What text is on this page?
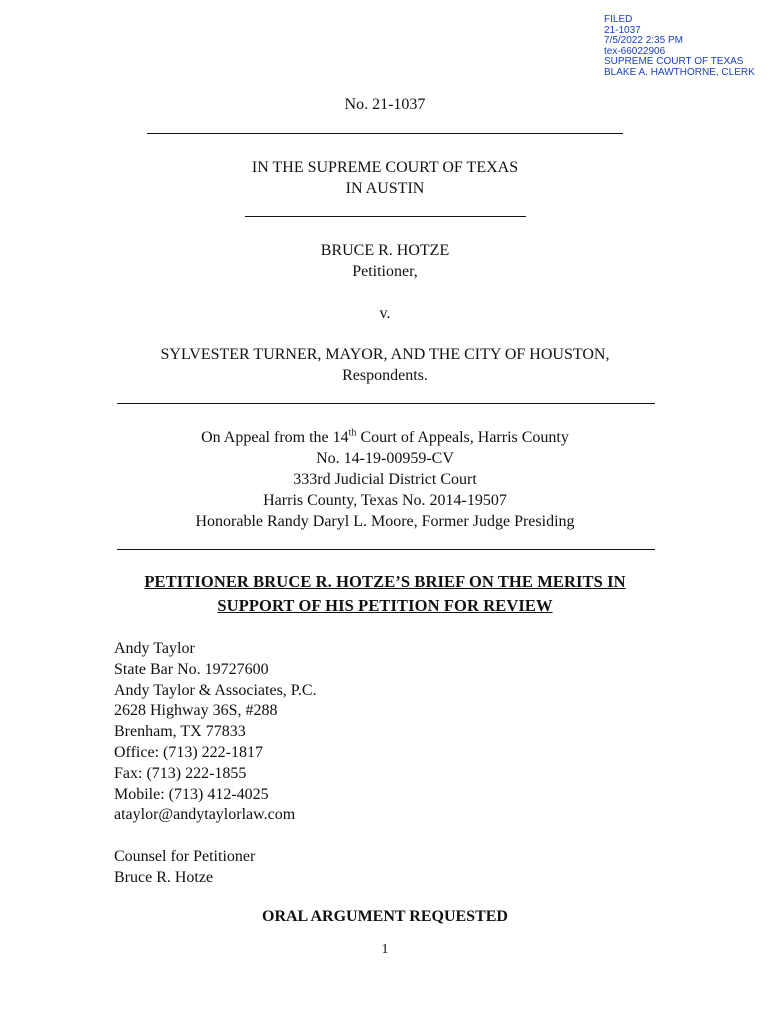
FILED
21-1037
7/5/2022 2:35 PM
tex-66022906
SUPREME COURT OF TEXAS
BLAKE A. HAWTHORNE, CLERK
No. 21-1037
IN THE SUPREME COURT OF TEXAS
IN AUSTIN
BRUCE R. HOTZE
Petitioner,
v.
SYLVESTER TURNER, MAYOR, AND THE CITY OF HOUSTON,
Respondents.
On Appeal from the 14th Court of Appeals, Harris County
No. 14-19-00959-CV
333rd Judicial District Court
Harris County, Texas No. 2014-19507
Honorable Randy Daryl L. Moore, Former Judge Presiding
PETITIONER BRUCE R. HOTZE’S BRIEF ON THE MERITS IN
SUPPORT OF HIS PETITION FOR REVIEW
Andy Taylor
State Bar No. 19727600
Andy Taylor & Associates, P.C.
2628 Highway 36S, #288
Brenham, TX 77833
Office: (713) 222-1817
Fax: (713) 222-1855
Mobile: (713) 412-4025
ataylor@andytaylorlaw.com
Counsel for Petitioner
Bruce R. Hotze
ORAL ARGUMENT REQUESTED
1
